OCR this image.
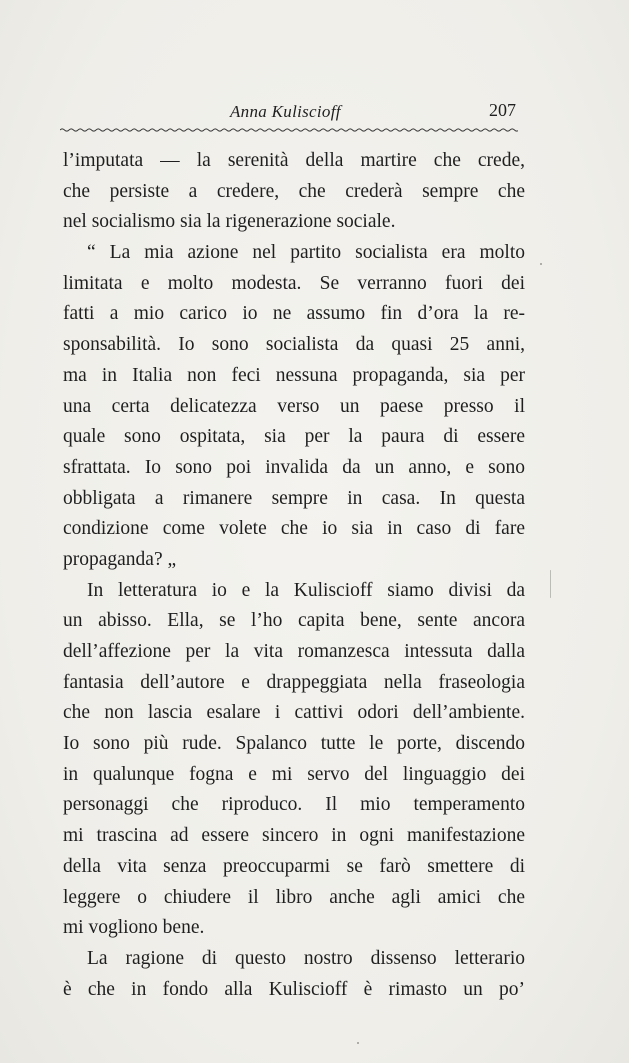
Anna Kuliscioff	207
l’imputata — la serenità della martire che crede,
che persiste a credere, che crederà sempre che
nel socialismo sia la rigenerazione sociale.
“ La mia azione nel partito socialista era molto
limitata e molto modesta. Se verranno fuori dei
fatti a mio carico io ne assumo fin d’ora la re-
sponsabilità. Io sono socialista da quasi 25 anni,
ma in Italia non feci nessuna propaganda, sia per
una certa delicatezza verso un paese presso il
quale sono ospitata, sia per la paura di essere
sfrattata. Io sono poi invalida da un anno, e sono
obbligata a rimanere sempre in casa. In questa
condizione come volete che io sia in caso di fare
propaganda? „
In letteratura io e la Kuliscioff siamo divisi da
un abisso. Ella, se l’ho capita bene, sente ancora
dell’affezione per la vita romanzesca intessuta dalla
fantasia dell’autore e drappeggiata nella fraseologia
che non lascia esalare i cattivi odori dell’ambiente.
Io sono più rude. Spalanco tutte le porte, discendo
in qualunque fogna e mi servo del linguaggio dei
personaggi che riproduco. Il mio temperamento
mi trascina ad essere sincero in ogni manifestazione
della vita senza preoccuparmi se farò smettere di
leggere o chiudere il libro anche agli amici che
mi vogliono bene.
La ragione di questo nostro dissenso letterario
è che in fondo alla Kuliscioff è rimasto un po’
